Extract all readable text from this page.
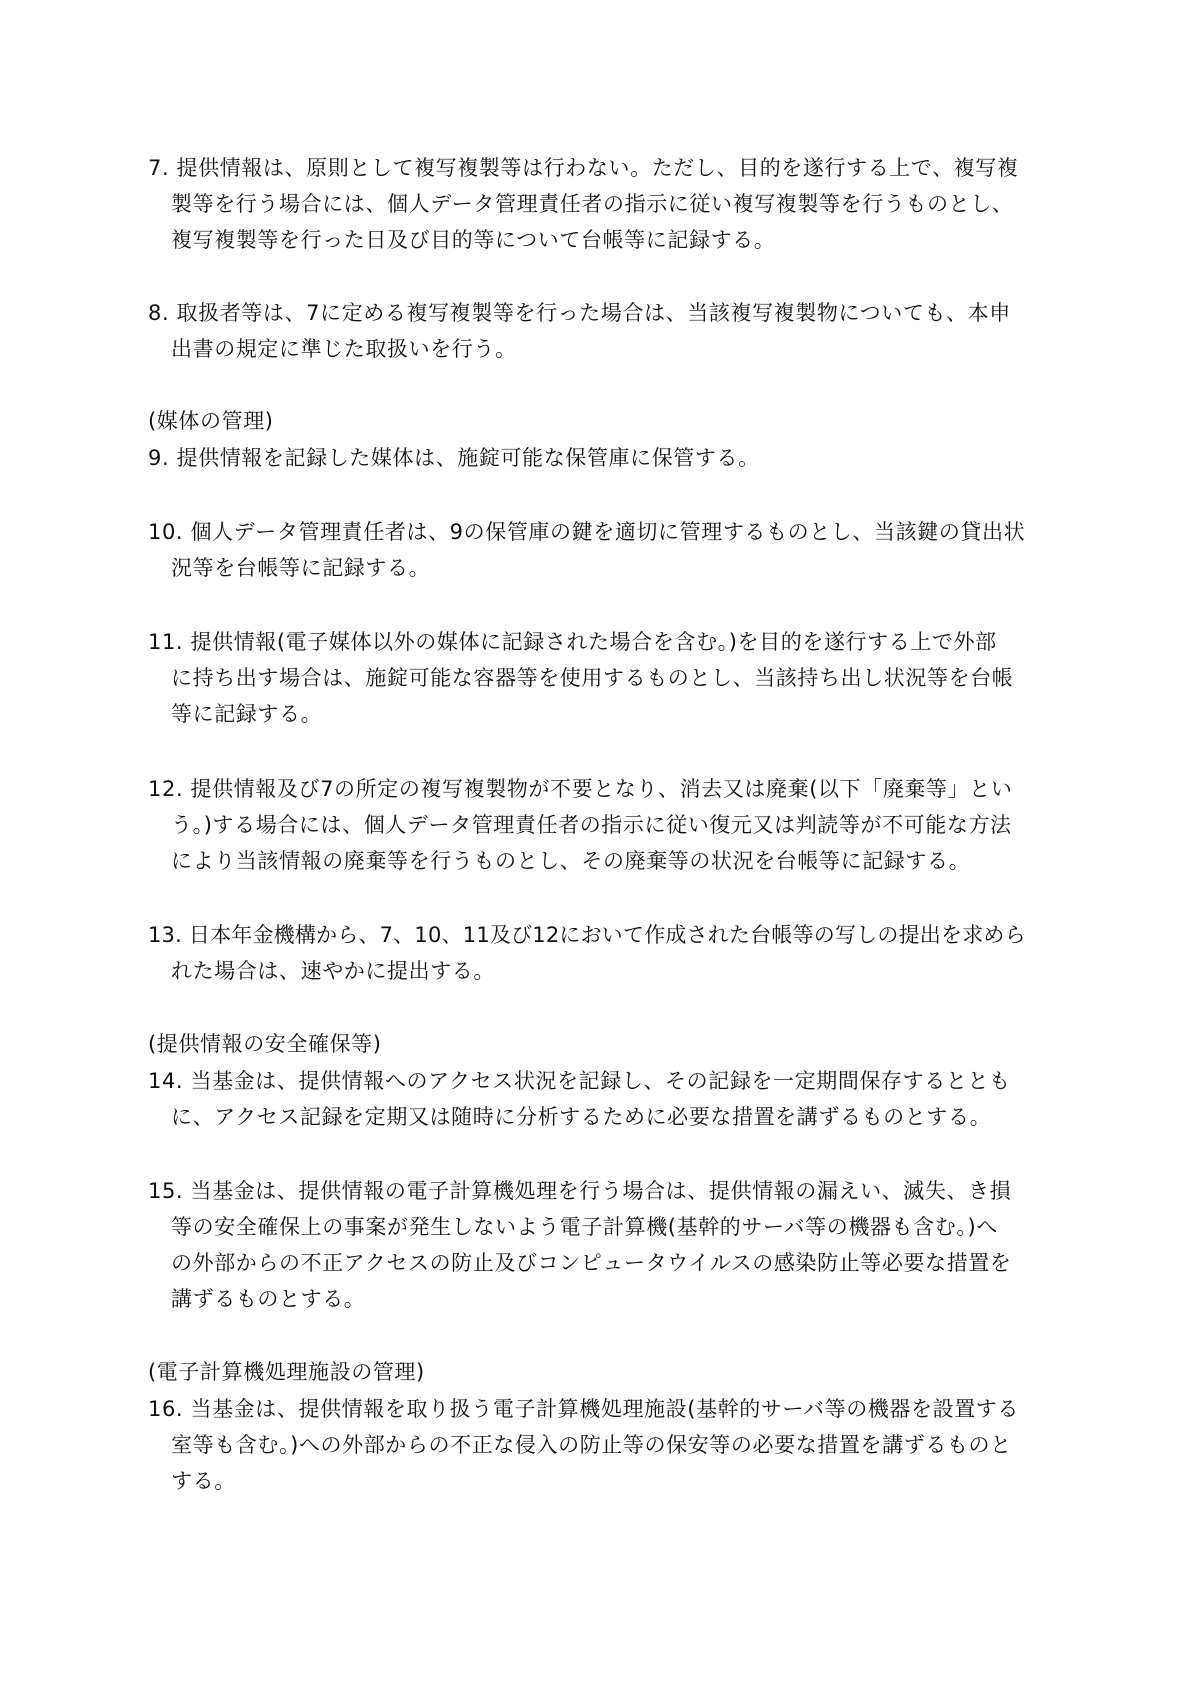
7. 提供情報は、原則として複写複製等は行わない。ただし、目的を遂行する上で、複写複
製等を行う場合には、個人データ管理責任者の指示に従い複写複製等を行うものとし、
複写複製等を行った日及び目的等について台帳等に記録する。
8. 取扱者等は、7に定める複写複製等を行った場合は、当該複写複製物についても、本申
出書の規定に準じた取扱いを行う。
(媒体の管理)
9. 提供情報を記録した媒体は、施錠可能な保管庫に保管する。
10. 個人データ管理責任者は、9の保管庫の鍵を適切に管理するものとし、当該鍵の貸出状
況等を台帳等に記録する。
11. 提供情報(電子媒体以外の媒体に記録された場合を含む。)を目的を遂行する上で外部
に持ち出す場合は、施錠可能な容器等を使用するものとし、当該持ち出し状況等を台帳
等に記録する。
12. 提供情報及び7の所定の複写複製物が不要となり、消去又は廃棄(以下「廃棄等」とい
う。)する場合には、個人データ管理責任者の指示に従い復元又は判読等が不可能な方法
により当該情報の廃棄等を行うものとし、その廃棄等の状況を台帳等に記録する。
13. 日本年金機構から、7、10、11及び12において作成された台帳等の写しの提出を求めら
れた場合は、速やかに提出する。
(提供情報の安全確保等)
14. 当基金は、提供情報へのアクセス状況を記録し、その記録を一定期間保存するととも
に、アクセス記録を定期又は随時に分析するために必要な措置を講ずるものとする。
15. 当基金は、提供情報の電子計算機処理を行う場合は、提供情報の漏えい、滅失、き損
等の安全確保上の事案が発生しないよう電子計算機(基幹的サーバ等の機器も含む。)へ
の外部からの不正アクセスの防止及びコンピュータウイルスの感染防止等必要な措置を
講ずるものとする。
(電子計算機処理施設の管理)
16. 当基金は、提供情報を取り扱う電子計算機処理施設(基幹的サーバ等の機器を設置する
室等も含む。)への外部からの不正な侵入の防止等の保安等の必要な措置を講ずるものと
する。
